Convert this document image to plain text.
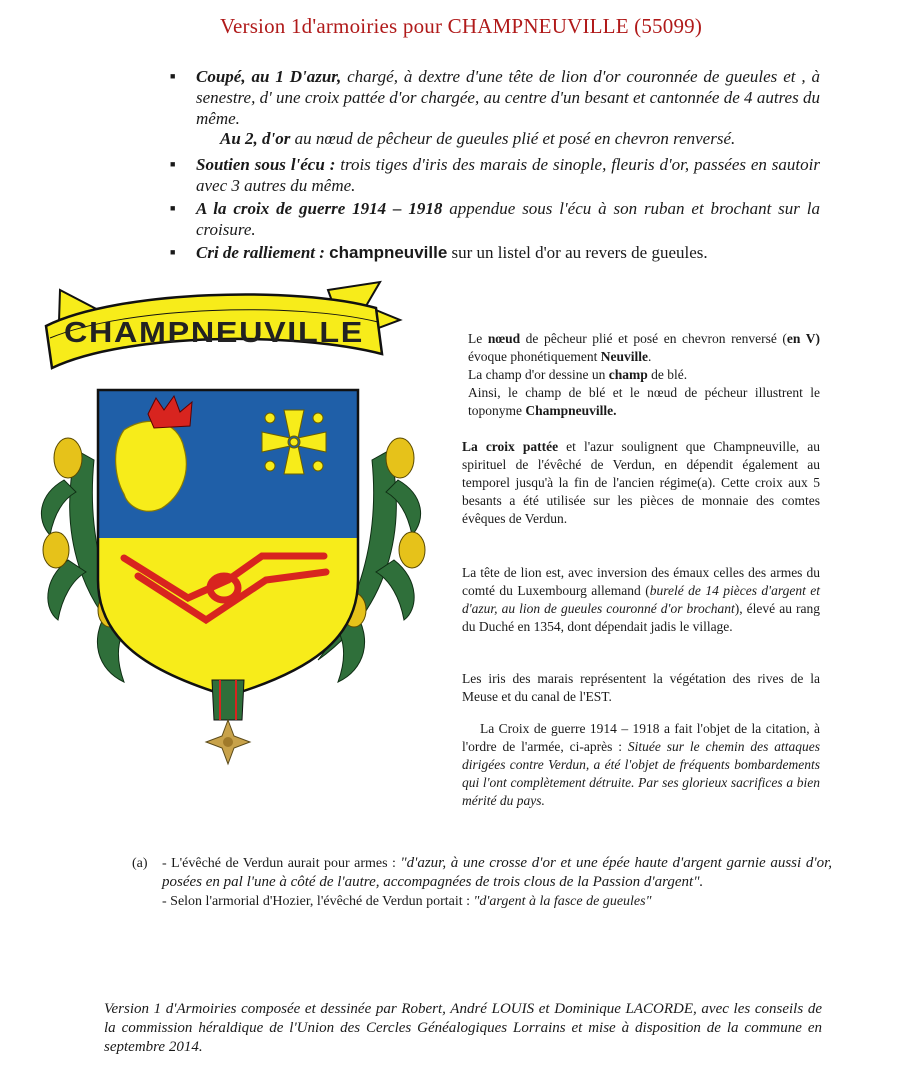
Version 1d'armoiries pour CHAMPNEUVILLE (55099)
■ Coupé, au 1 D'azur, chargé, à dextre d'une tête de lion d'or couronnée de gueules et , à senestre, d' une croix pattée d'or chargée, au centre d'un besant et cantonnée de 4 autres du même.
Au 2, d'or au nœud de pêcheur de gueules plié et posé en chevron renversé.
■ Soutien sous l'écu : trois tiges d'iris des marais de sinople, fleuris d'or, passées en sautoir avec 3 autres du même.
■ A la croix de guerre 1914 – 1918 appendue sous l'écu à son ruban et brochant sur la croisure.
■ Cri de ralliement : champneuville sur un listel d'or au revers de gueules.
CHAMPNEUVILLE	Le nœud de pêcheur plié et posé en chevron renversé (en V) évoque phonétiquement Neuville.
La champ d'or dessine un champ de blé.
Ainsi, le champ de blé et le nœud de pécheur illustrent le toponyme Champneuville.
La croix pattée et l'azur soulignent que Champneuville, au spirituel de l'évêché de Verdun, en dépendit également au temporel jusqu'à la fin de l'ancien régime(a). Cette croix aux 5 besants a été utilisée sur les pièces de monnaie des comtes évêques de Verdun.
La tête de lion est, avec inversion des émaux celles des armes du comté du Luxembourg allemand (burelé de 14 pièces d'argent et d'azur, au lion de gueules couronné d'or brochant), élevé au rang du Duché en 1354, dont dépendait jadis le village.
Les iris des marais représentent la végétation des rives de la Meuse et du canal de l'EST.
La Croix de guerre 1914 – 1918 a fait l'objet de la citation, à l'ordre de l'armée, ci-après : Située sur le chemin des attaques dirigées contre Verdun, a été l'objet de fréquents bombardements qui l'ont complètement détruite. Par ses glorieux sacrifices a bien mérité du pays.
(a) - L'évêché de Verdun aurait pour armes : "d'azur, à une crosse d'or et une épée haute d'argent garnie aussi d'or, posées en pal l'une à côté de l'autre, accompagnées de trois clous de la Passion d'argent".
- Selon l'armorial d'Hozier, l'évêché de Verdun portait : "d'argent à la fasce de gueules"
Version 1 d'Armoiries composée et dessinée par Robert, André LOUIS et Dominique LACORDE, avec les conseils de la commission héraldique de l'Union des Cercles Généalogiques Lorrains et mise à disposition de la commune en septembre 2014.
